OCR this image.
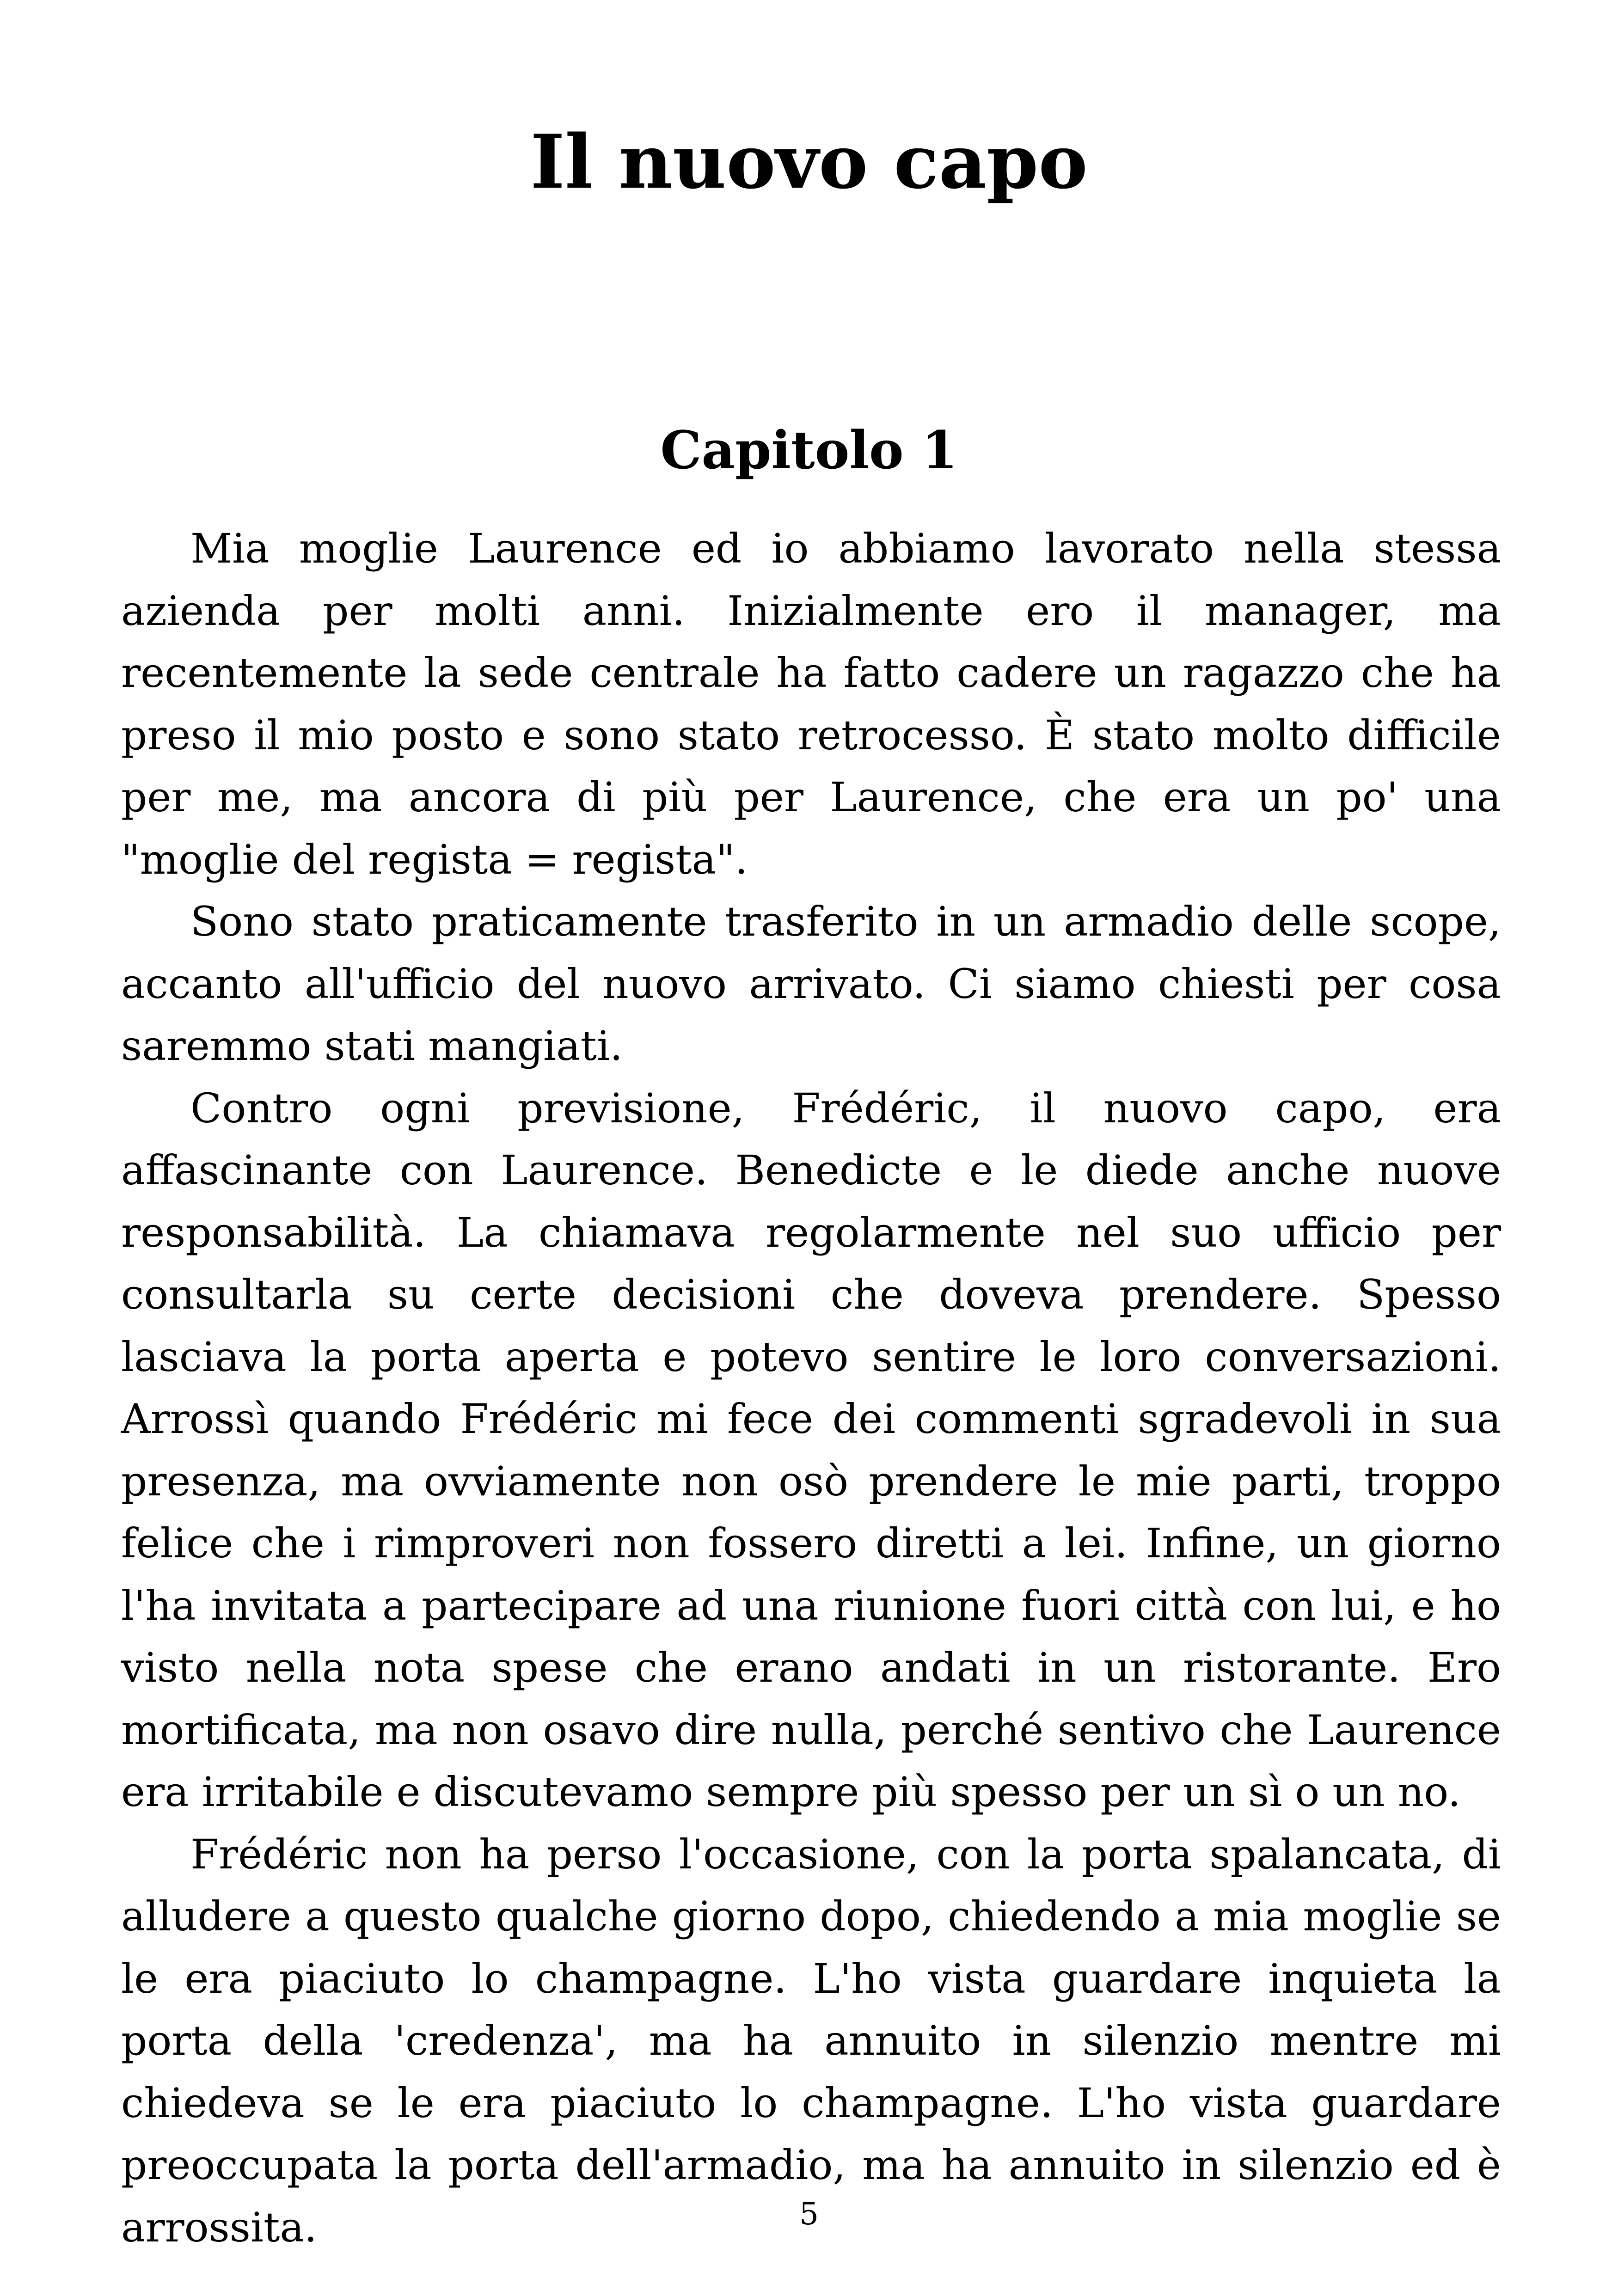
Il nuovo capo
Capitolo 1

Mia moglie Laurence ed io abbiamo lavorato nella stessa azienda per molti anni. Inizialmente ero il manager, ma recentemente la sede centrale ha fatto cadere un ragazzo che ha preso il mio posto e sono stato retrocesso. È stato molto difficile per me, ma ancora di più per Laurence, che era un po' una "moglie del regista = regista".

Sono stato praticamente trasferito in un armadio delle scope, accanto all'ufficio del nuovo arrivato. Ci siamo chiesti per cosa saremmo stati mangiati.

Contro ogni previsione, Frédéric, il nuovo capo, era affascinante con Laurence. Benedicte e le diede anche nuove responsabilità. La chiamava regolarmente nel suo ufficio per consultarla su certe decisioni che doveva prendere. Spesso lasciava la porta aperta e potevo sentire le loro conversazioni. Arrossì quando Frédéric mi fece dei commenti sgradevoli in sua presenza, ma ovviamente non osò prendere le mie parti, troppo felice che i rimproveri non fossero diretti a lei. Infine, un giorno l'ha invitata a partecipare ad una riunione fuori città con lui, e ho visto nella nota spese che erano andati in un ristorante. Ero mortificata, ma non osavo dire nulla, perché sentivo che Laurence era irritabile e discutevamo sempre più spesso per un sì o un no.

Frédéric non ha perso l'occasione, con la porta spalancata, di alludere a questo qualche giorno dopo, chiedendo a mia moglie se le era piaciuto lo champagne. L'ho vista guardare inquieta la porta della 'credenza', ma ha annuito in silenzio mentre mi chiedeva se le era piaciuto lo champagne. L'ho vista guardare preoccupata la porta dell'armadio, ma ha annuito in silenzio ed è arrossita.	5
